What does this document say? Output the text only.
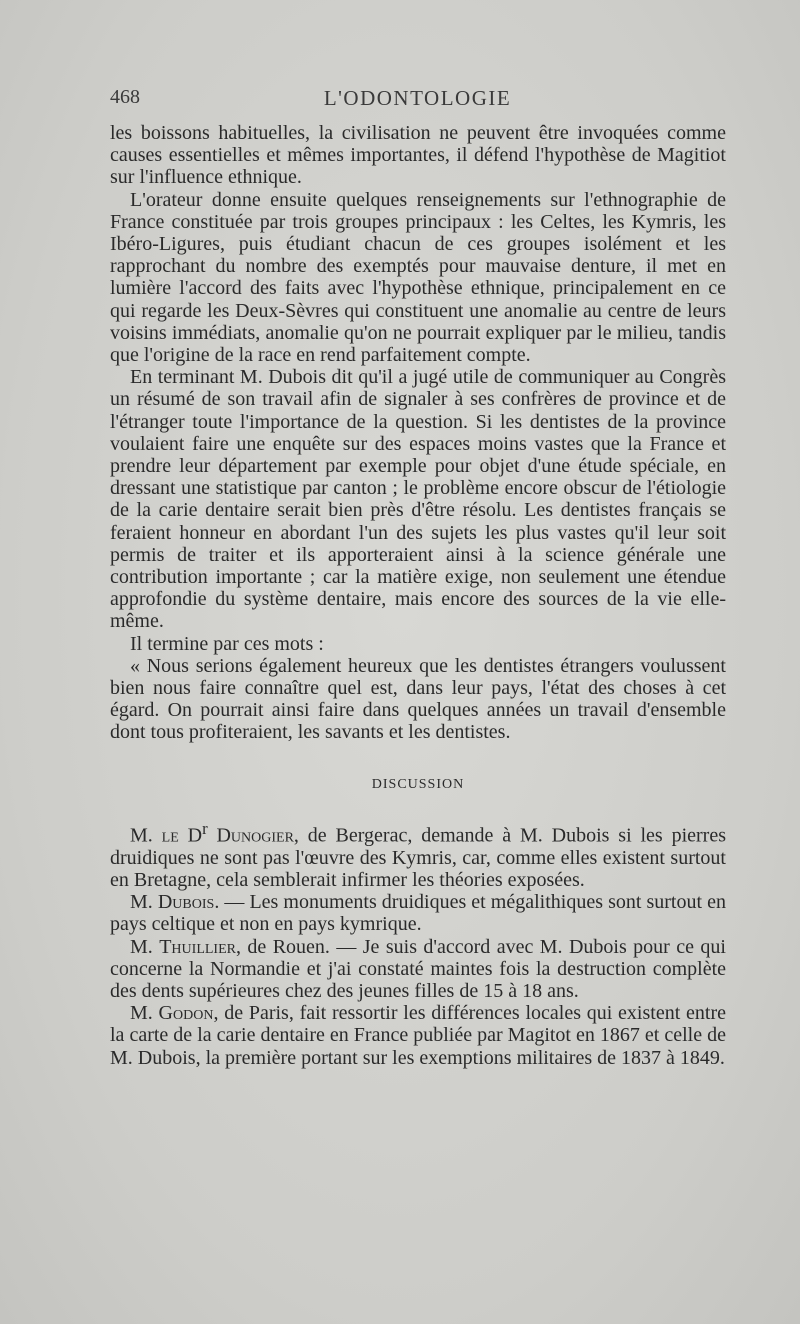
468	L'ODONTOLOGIE

les boissons habituelles, la civilisation ne peuvent être invoquées comme causes essentielles et mêmes importantes, il défend l'hypothèse de Magitiot sur l'influence ethnique.

L'orateur donne ensuite quelques renseignements sur l'ethnographie de France constituée par trois groupes principaux : les Celtes, les Kymris, les Ibéro-Ligures, puis étudiant chacun de ces groupes isolément et les rapprochant du nombre des exemptés pour mauvaise denture, il met en lumière l'accord des faits avec l'hypothèse ethnique, principalement en ce qui regarde les Deux-Sèvres qui constituent une anomalie au centre de leurs voisins immédiats, anomalie qu'on ne pourrait expliquer par le milieu, tandis que l'origine de la race en rend parfaitement compte.

En terminant M. Dubois dit qu'il a jugé utile de communiquer au Congrès un résumé de son travail afin de signaler à ses confrères de province et de l'étranger toute l'importance de la question. Si les dentistes de la province voulaient faire une enquête sur des espaces moins vastes que la France et prendre leur département par exemple pour objet d'une étude spéciale, en dressant une statistique par canton ; le problème encore obscur de l'étiologie de la carie dentaire serait bien près d'être résolu. Les dentistes français se feraient honneur en abordant l'un des sujets les plus vastes qu'il leur soit permis de traiter et ils apporteraient ainsi à la science générale une contribution importante ; car la matière exige, non seulement une étendue approfondie du système dentaire, mais encore des sources de la vie elle-même.

Il termine par ces mots :

« Nous serions également heureux que les dentistes étrangers voulussent bien nous faire connaître quel est, dans leur pays, l'état des choses à cet égard. On pourrait ainsi faire dans quelques années un travail d'ensemble dont tous profiteraient, les savants et les dentistes.

DISCUSSION

M. le $D^r$ Dunogier, de Bergerac, demande à M. Dubois si les pierres druidiques ne sont pas l'œuvre des Kymris, car, comme elles existent surtout en Bretagne, cela semblerait infirmer les théories exposées.

M. Dubois. — Les monuments druidiques et mégalithiques sont surtout en pays celtique et non en pays kymrique.

M. Thuillier, de Rouen. — Je suis d'accord avec M. Dubois pour ce qui concerne la Normandie et j'ai constaté maintes fois la destruction complète des dents supérieures chez des jeunes filles de 15 à 18 ans.

M. Godon, de Paris, fait ressortir les différences locales qui existent entre la carte de la carie dentaire en France publiée par Magitot en 1867 et celle de M. Dubois, la première portant sur les exemptions militaires de 1837 à 1849.
